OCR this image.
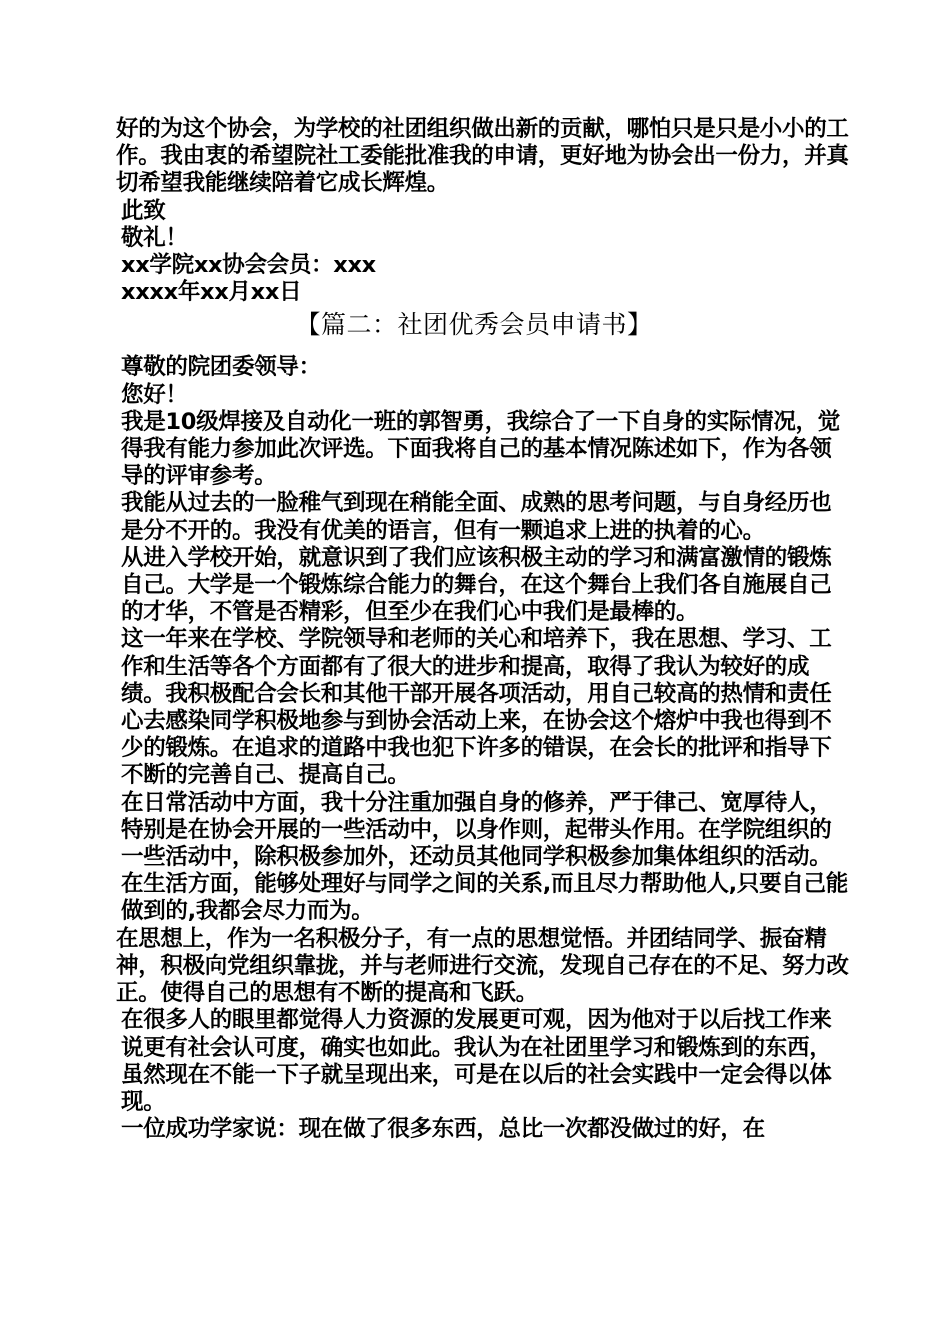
好的为这个协会，为学校的社团组织做出新的贡献，哪怕只是只是小小的工作。我由衷的希望院社工委能批准我的申请，更好地为协会出一份力，并真切希望我能继续陪着它成长辉煌。

此致

敬礼！

xx学院xx协会会员：xxx

xxxx年xx月xx日

【篇二：社团优秀会员申请书】

尊敬的院团委领导：

您好！

我是10级焊接及自动化一班的郭智勇，我综合了一下自身的实际情况，觉得我有能力参加此次评选。下面我将自己的基本情况陈述如下，作为各领导的评审参考。

我能从过去的一脸稚气到现在稍能全面、成熟的思考问题，与自身经历也是分不开的。我没有优美的语言，但有一颗追求上进的执着的心。

从进入学校开始，就意识到了我们应该积极主动的学习和满富激情的锻炼自己。大学是一个锻炼综合能力的舞台，在这个舞台上我们各自施展自己的才华，不管是否精彩，但至少在我们心中我们是最棒的。

这一年来在学校、学院领导和老师的关心和培养下，我在思想、学习、工作和生活等各个方面都有了很大的进步和提高，取得了我认为较好的成绩。我积极配合会长和其他干部开展各项活动，用自己较高的热情和责任心去感染同学积极地参与到协会活动上来，在协会这个熔炉中我也得到不少的锻炼。在追求的道路中我也犯下许多的错误，在会长的批评和指导下不断的完善自己、提高自己。

在日常活动中方面，我十分注重加强自身的修养，严于律己、宽厚待人，特别是在协会开展的一些活动中，以身作则，起带头作用。在学院组织的一些活动中，除积极参加外，还动员其他同学积极参加集体组织的活动。

在生活方面，能够处理好与同学之间的关系,而且尽力帮助他人,只要自己能做到的,我都会尽力而为。

在思想上，作为一名积极分子，有一点的思想觉悟。并团结同学、振奋精神，积极向党组织靠拢，并与老师进行交流，发现自己存在的不足、努力改正。使得自己的思想有不断的提高和飞跃。

在很多人的眼里都觉得人力资源的发展更可观，因为他对于以后找工作来说更有社会认可度，确实也如此。我认为在社团里学习和锻炼到的东西，虽然现在不能一下子就呈现出来，可是在以后的社会实践中一定会得以体现。

一位成功学家说：现在做了很多东西，总比一次都没做过的好，在
